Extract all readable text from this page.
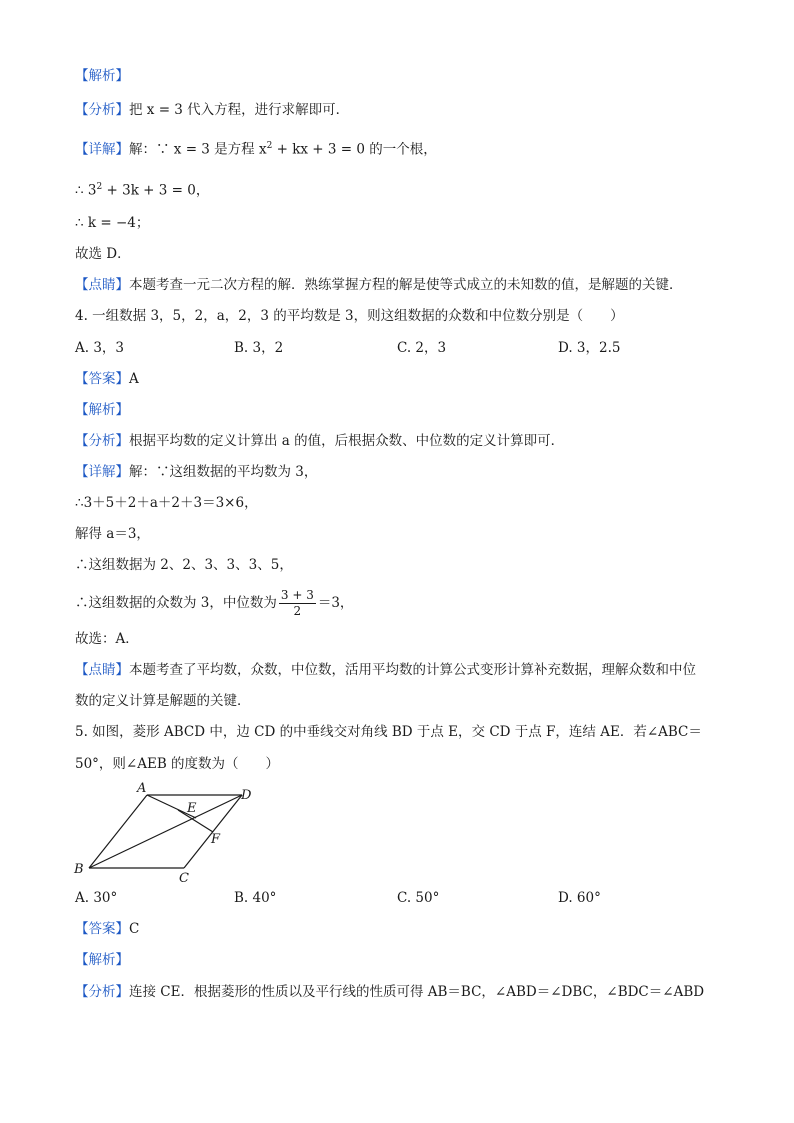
【解析】
【分析】把 x = 3 代入方程，进行求解即可．
【详解】解：∵ x = 3 是方程 $x^2$ + kx + 3 = 0 的一个根，
∴ $3^2 + 3k + 3 = 0$，
∴ k = −4；
故选 D．
【点睛】本题考查一元二次方程的解．熟练掌握方程的解是使等式成立的未知数的值，是解题的关键．
4. 一组数据 3，5，2，a，2，3 的平均数是 3，则这组数据的众数和中位数分别是（　　）
A. 3，3	B. 3，2	C. 2，3	D. 3，2.5
【答案】A
【解析】
【分析】根据平均数的定义计算出 a 的值，后根据众数、中位数的定义计算即可．
【详解】解：∵这组数据的平均数为 3，
∴3＋5＋2＋a＋2＋3＝3×6，
解得 a＝3，
∴这组数据为 2、2、3、3、3、5，
∴这组数据的众数为 3，中位数为 $\frac{3 + 3}{2} =3$，
故选：A．
【点睛】本题考查了平均数，众数，中位数，活用平均数的计算公式变形计算补充数据，理解众数和中位
数的定义计算是解题的关键．
5. 如图，菱形 ABCD 中，边 CD 的中垂线交对角线 BD 于点 E，交 CD 于点 F，连结 AE．若∠ABC＝
50°，则∠AEB 的度数为（　　）
A
B
C
D
E
F
A. 30°	B. 40°	C. 50°	D. 60°
【答案】C
【解析】
【分析】连接 CE．根据菱形的性质以及平行线的性质可得 AB＝BC，∠ABD＝∠DBC，∠BDC＝∠ABD
